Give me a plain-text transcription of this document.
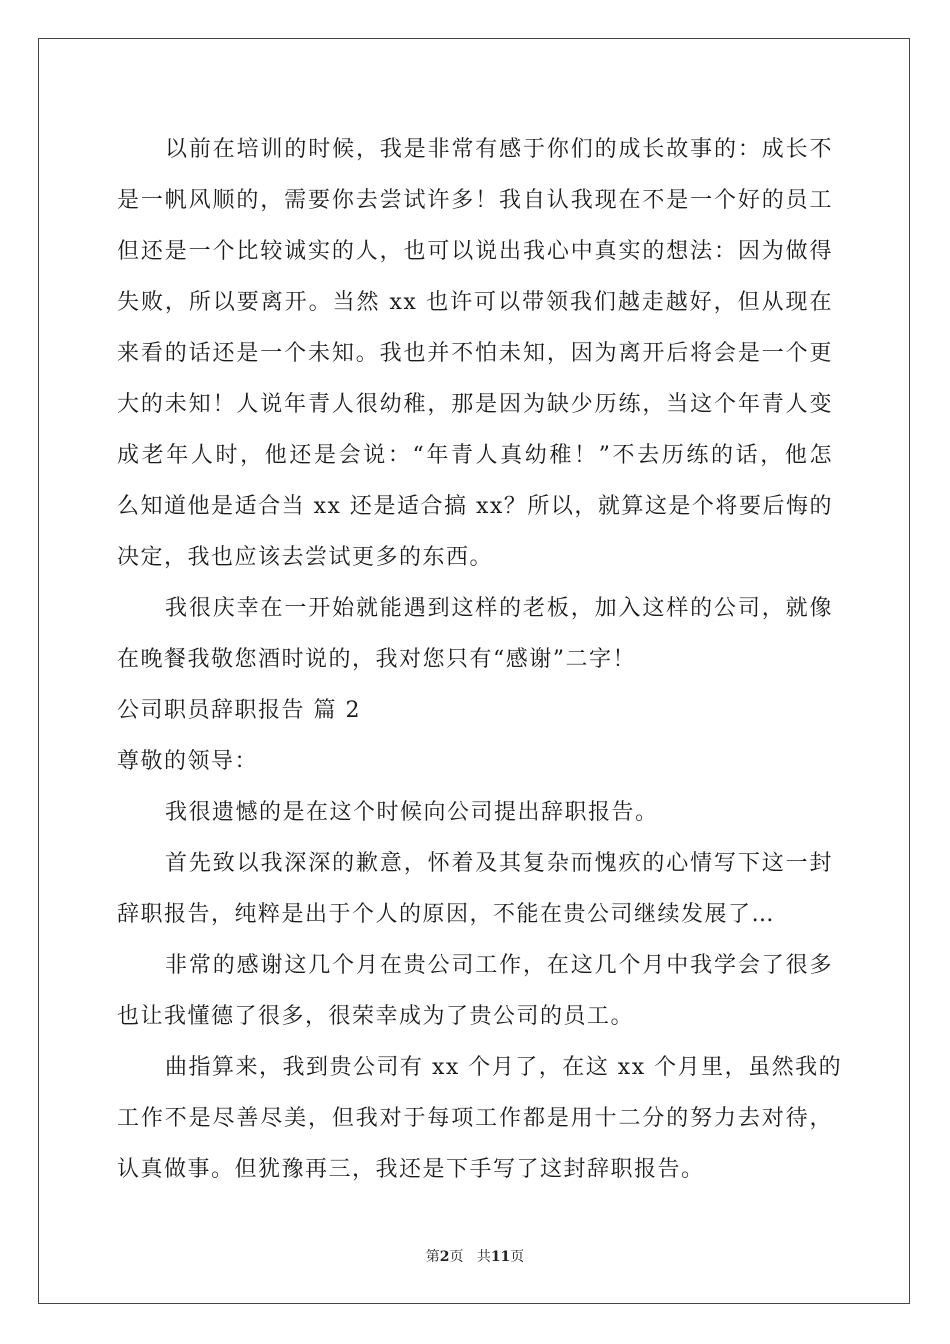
以前在培训的时候，我是非常有感于你们的成长故事的：成长不
是一帆风顺的，需要你去尝试许多！我自认我现在不是一个好的员工
但还是一个比较诚实的人，也可以说出我心中真实的想法：因为做得
失败，所以要离开。当然 xx 也许可以带领我们越走越好，但从现在
来看的话还是一个未知。我也并不怕未知，因为离开后将会是一个更
大的未知！人说年青人很幼稚，那是因为缺少历练，当这个年青人变
成老年人时，他还是会说：“年青人真幼稚！”不去历练的话，他怎
么知道他是适合当 xx 还是适合搞 xx？所以，就算这是个将要后悔的
决定，我也应该去尝试更多的东西。
我很庆幸在一开始就能遇到这样的老板，加入这样的公司，就像
在晚餐我敬您酒时说的，我对您只有“感谢”二字！
公司职员辞职报告 篇 2
尊敬的领导：
我很遗憾的是在这个时候向公司提出辞职报告。
首先致以我深深的歉意，怀着及其复杂而愧疚的心情写下这一封
辞职报告，纯粹是出于个人的原因，不能在贵公司继续发展了…
非常的感谢这几个月在贵公司工作，在这几个月中我学会了很多
也让我懂德了很多，很荣幸成为了贵公司的员工。
曲指算来，我到贵公司有 xx 个月了，在这 xx 个月里，虽然我的
工作不是尽善尽美，但我对于每项工作都是用十二分的努力去对待，
认真做事。但犹豫再三，我还是下手写了这封辞职报告。
第2页 共11页
